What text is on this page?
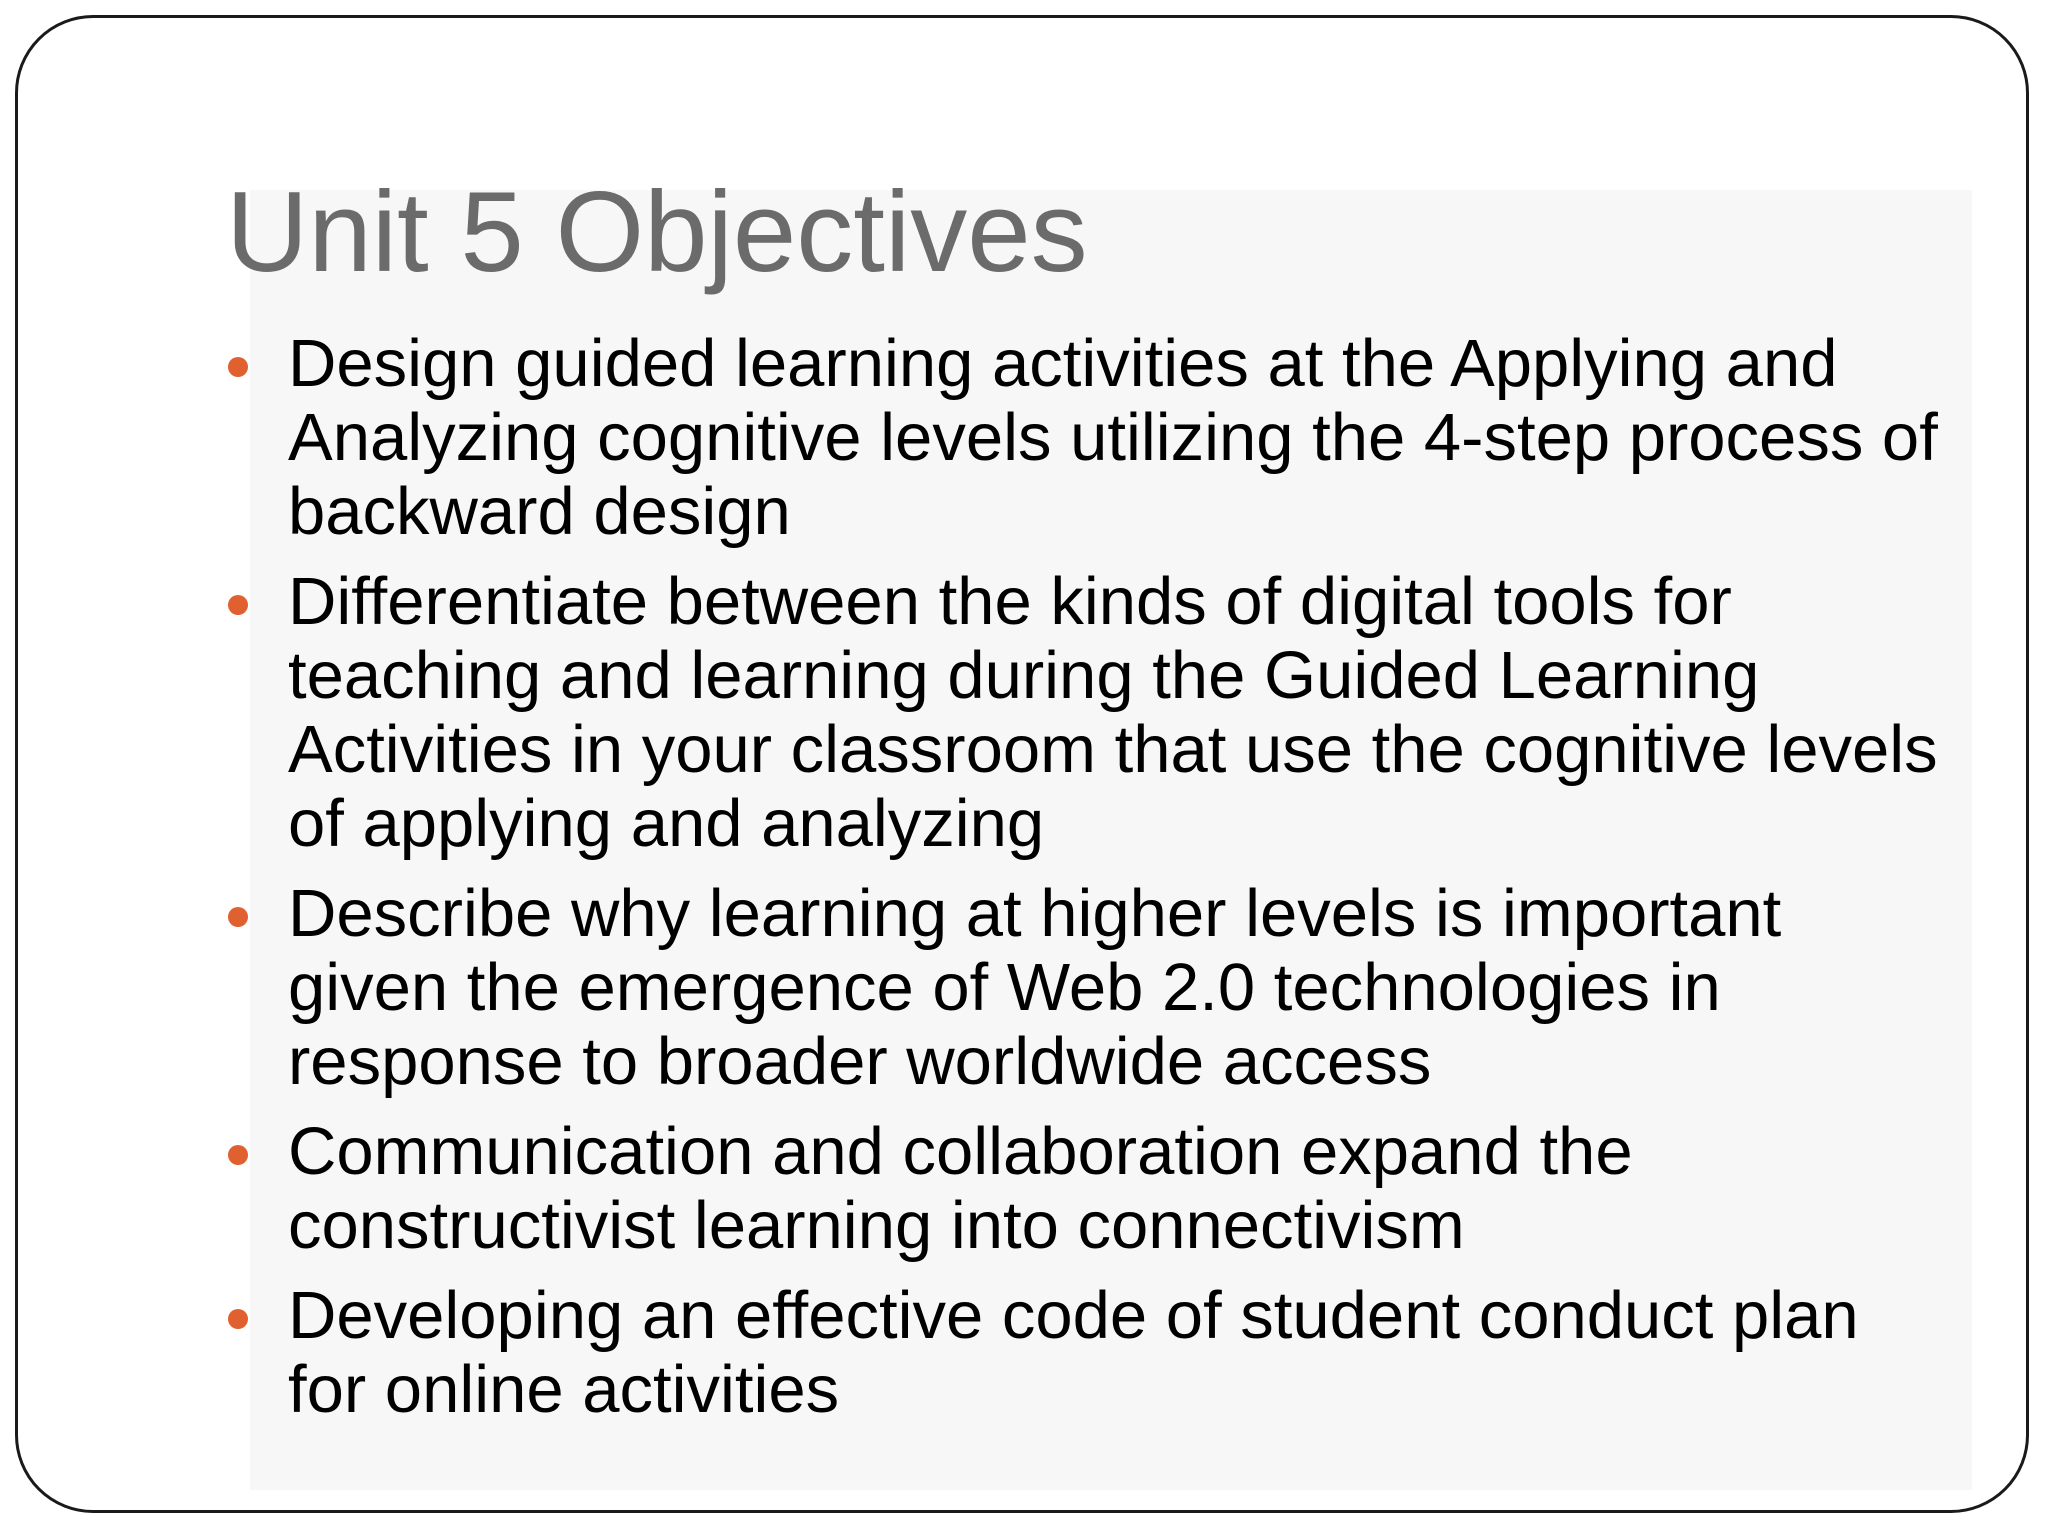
Unit 5 Objectives
Design guided learning activities at the Applying and Analyzing cognitive levels utilizing the 4-step process of backward design
Differentiate between the kinds of digital tools for teaching and learning during the Guided Learning Activities in your classroom that use the cognitive levels of applying and analyzing
Describe why learning at higher levels is important given the emergence of Web 2.0 technologies in response to broader worldwide access
Communication and collaboration expand the constructivist learning into connectivism
Developing an effective code of student conduct plan for online activities
